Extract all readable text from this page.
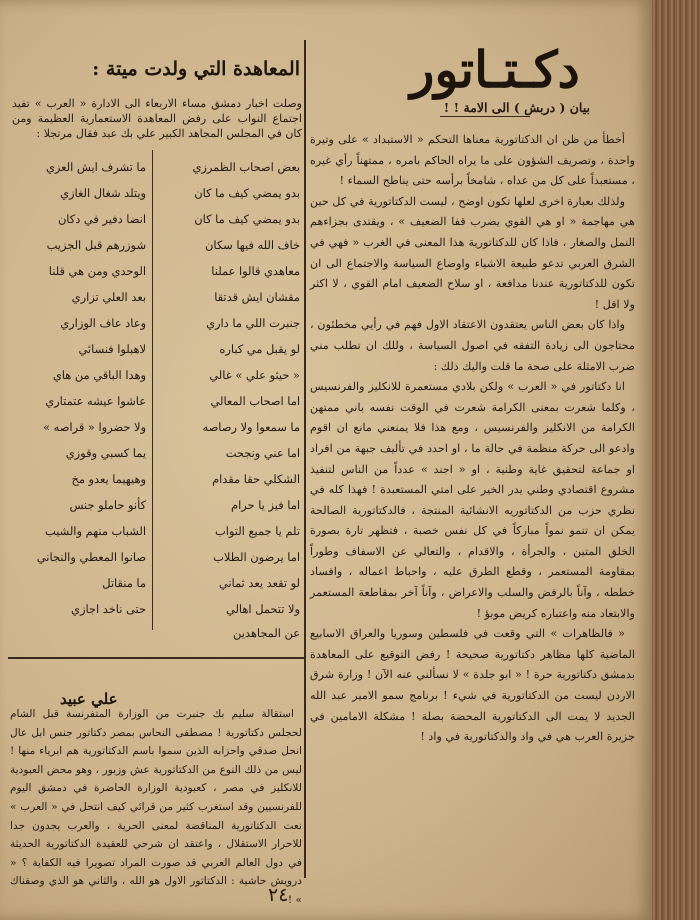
دكـتـاتور
بيان ( دربش ) الى الامة ! !

أخطأ من ظن ان الدكتاتورية معناها التحكم « الاستبداد » على وتيرة واحدة ، وتصريف الشؤون على ما يراه الحاكم بامره ، ممتهناً رأي غيره ، مستعبداً على كل من عداه ، شامخاً برأسه حتى يناطح السماء !

ولذلك بعبارة اخرى لعلها تكون اوضح ، ليست الدكتاتورية في كل حين هي مهاجمة « او هي القوي يضرب قفا الضعيف » ، ويقتدى بجزاءهم النمل والصغار ، فاذا كان للدكتاتورية هذا المعنى في الغرب « فهي في الشرق العربي تدعو طبيعة الاشياء واوضاع السياسة والاجتماع الى ان تكون للدكتاتورية عندنا مدافعة ، او سلاح الضعيف امام القوي ، لا اكثر ولا اقل !

واذا كان بعض الناس يعتقدون الاعتقاد الاول فهم في رأيي مخطئون ، محتاجون الى زيادة التفقه في اصول السياسة ، وللك ان تطلب مني ضرب الامثلة على صحة ما قلت واليك ذلك :

انا دكتاتور في « العرب » ولكن بلادي مستعمرة للانكليز والفرنسيس ، وكلما شعرت بمعنى الكرامة شعرت في الوقت نفسه باني ممتهن الكرامة من الانكليز والفرنسيس ، ومع هذا فلا يمنعني مانع ان اقوم وادعو الى حركة منظمة في حالة ما ، او احدد في تأليف جبهة من افراد او جماعة لتحقيق غاية وطنية ، او « اجند » عدداً من الناس لتنفيذ مشروع اقتصادي وطني يدر الخير على امتي المستعبدة ! فهذا كله في نظري حزب من الدكتاتوريه الانشائية المنتجة ، فالدكتاتورية الصالحة يمكن ان تنمو نمواً مباركاً في كل نفس خصبة ، فتظهر تارة بصورة الخلق المتين ، والجرأة ، والاقدام ، والتعالي عن الاسفاف وطوراً بمقاومة المستعمر ، وقطع الطرق عليه ، واحباط اعماله ، وافساد خططه ، وآناً بالرفض والسلب والاعراض ، وآناً آخر بمقاطعة المستعمر والابتعاد منه واعتباره كريض موبؤ !

« فالظاهرات » التي وقعت في فلسطين وسوريا والعراق الاسابيع الماضية كلها مظاهر دكتاتورية صحيحة ! رفض التوقيع على المعاهدة بدمشق دكتاتورية حرة ! « ابو جلدة » لا نسألني عنه الآن ! وزارة شرق الاردن ليست من الدكتاتورية في شيء ! برنامج سمو الامير عبد الله الجديد لا يمت الى الدكتاتورية المحضة بصلة ! مشكلة الامامين في جزيرة العرب هي في واد والدكتاتورية في واد !

المعاهدة التي ولدت ميتة :
وصلت اخبار دمشق مساء الاربعاء الى الادارة « العرب » تفيد اجتماع النواب على رفض المعاهدة الاستعمارية العظيمة ومن كان في المجلس المجاهد الكبير علي بك عبد فقال مرتجلا :
بعض اصحاب الظمرزي
بدو يمضي كيف ما كان
بدو يمضي كيف ما كان
خاف الله فيها سكان
معاهدي قالوا عملنا
مقشان ايش قدتقا
جنبرت اللي ما داري
لو يقبل مي كباره
« حيثو علي » غالي
اما اصحاب المعالي
ما سمعوا ولا رصاصه
اما عني ونجحت
الشكلي حقا مقدام
اما فيز يا حرام
تلم يا جميع التواب
اما يرضون الطلاب
لو تقعد يعد ثماني
ولا تتحمل اهالي
عن المجاهدين
ما تشرف ايش العزي
ويتلد شغال الغازي
انضا دفير في دكان
شوزرهم قبل الجزيب
الوحدي ومن هي قلنا
بعد العلي تزاري
وعاد عاف الوزاري
لاهبلوا فنسائي
وهدا الباقي من هاي
عاشوا عيشه عتمتاري
ولا حضروا « قراصه »
يما كسبي وقوزي
وهيهيما يعدو مخ
كأنو حاملو جنس
الشباب منهم والشيب
صانوا المعطي والنجاني
ما منقاتل
حتى ناخد اجازي
علي عبيد

استقالة سليم بك جنبرت من الوزارة المتفرنسة قبل الشام لحجلس دكتاتورية ! مصطفى النحاس بمصر دكتاتور جنس ابل عال انحل صدقي واحزابه الذين سموا باسم الدكتاتورية هم ابرياء منها ! ليس من ذلك النوع من الدكتاتورية عش وزبور ، وهو محض العبودية للانكليز في مصر ، كعبودية الوزارة الحاضرة في دمشق اليوم للفرنسيين وقد استغرب كثير من قرائي كيف انتحل في « العرب » نعت الدكتاتورية المناقضة لمعنى الحرية ، والعرب يجدون جدا للاحرار الاستقلال ، واعتقد ان شرحي للعقيدة الدكتاتورية الحديثة في دول العالم العربي قد صورت المراد تصويرا فيه الكفاية ؟ « درويش حاشية : الدكتاتور الاول هو الله ، والثاني هو الذي وصفناك » !

٢٤
